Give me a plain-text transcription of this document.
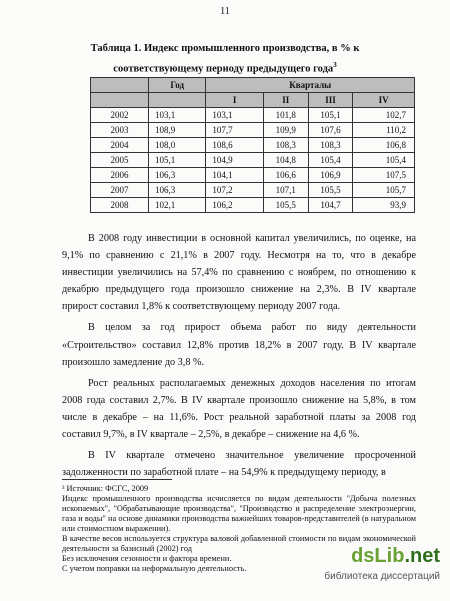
11
Таблица 1. Индекс промышленного производства, в % к
соответствующему периоду предыдущего года$^3$
	Год	Кварталы			
		I	II	III	IV
2002	103,1	103,1	101,8	105,1	102,7
2003	108,9	107,7	109,9	107,6	110,2
2004	108,0	108,6	108,3	108,3	106,8
2005	105,1	104,9	104,8	105,4	105,4
2006	106,3	104,1	106,6	106,9	107,5
2007	106,3	107,2	107,1	105,5	105,7
2008	102,1	106,2	105,5	104,7	93,9

В 2008 году инвестиции в основной капитал увеличились, по оценке, на 9,1% по сравнению с 21,1% в 2007 году. Несмотря на то, что в декабре инвестиции увеличились на 57,4% по сравнению с ноябрем, по отношению к декабрю предыдущего года произошло снижение на 2,3%. В IV квартале прирост составил 1,8% к соответствующему периоду 2007 года.

В целом за год прирост объема работ по виду деятельности «Строительство» составил 12,8% против 18,2% в 2007 году. В IV квартале произошло замедление до 3,8 %.

Рост реальных располагаемых денежных доходов населения по итогам 2008 года составил 2,7%. В IV квартале произошло снижение на 5,8%, в том числе в декабре – на 11,6%. Рост реальной заработной платы за 2008 год составил 9,7%, в IV квартале – 2,5%, в декабре – снижение на 4,6 %.

В IV квартале отмечено значительное увеличение просроченной задолженности по заработной плате – на 54,9% к предыдущему периоду, в

³ Источник: ФСГС, 2009
Индекс промышленного производства исчисляется по видам деятельности "Добыча полезных ископаемых", "Обрабатывающие производства", "Производство и распределение электроэнергии, газа и воды" на основе динамики производства важнейших товаров-представителей (в натуральном или стоимостном выражении).
В качестве весов используется структура валовой добавленной стоимости по видам экономической деятельности за базисный (2002) год
Без исключения сезонности и фактора времени.
С учетом поправки на неформальную деятельность.
dsLib.net
библиотека диссертаций
